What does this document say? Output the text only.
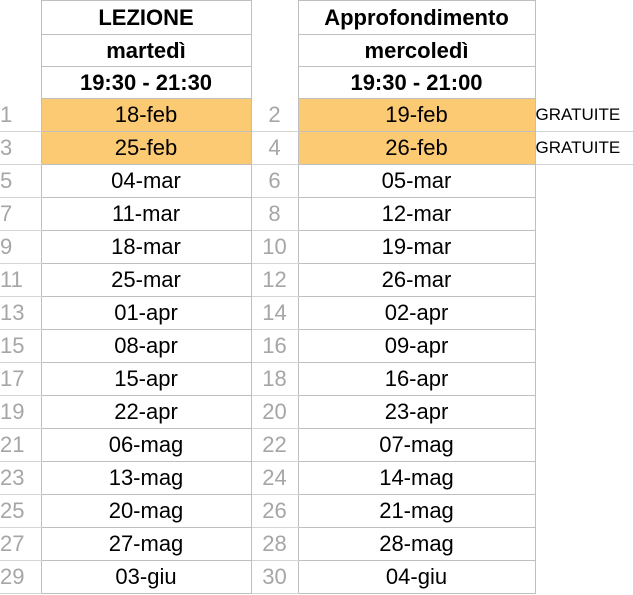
	LEZIONE		Approfondimento	
	martedì		mercoledì	
	19:30 - 21:30		19:30 - 21:00	
1	18-feb	2	19-feb	GRATUITE
3	25-feb	4	26-feb	GRATUITE
5	04-mar	6	05-mar	
7	11-mar	8	12-mar	
9	18-mar	10	19-mar	
11	25-mar	12	26-mar	
13	01-apr	14	02-apr	
15	08-apr	16	09-apr	
17	15-apr	18	16-apr	
19	22-apr	20	23-apr	
21	06-mag	22	07-mag	
23	13-mag	24	14-mag	
25	20-mag	26	21-mag	
27	27-mag	28	28-mag	
29	03-giu	30	04-giu	
